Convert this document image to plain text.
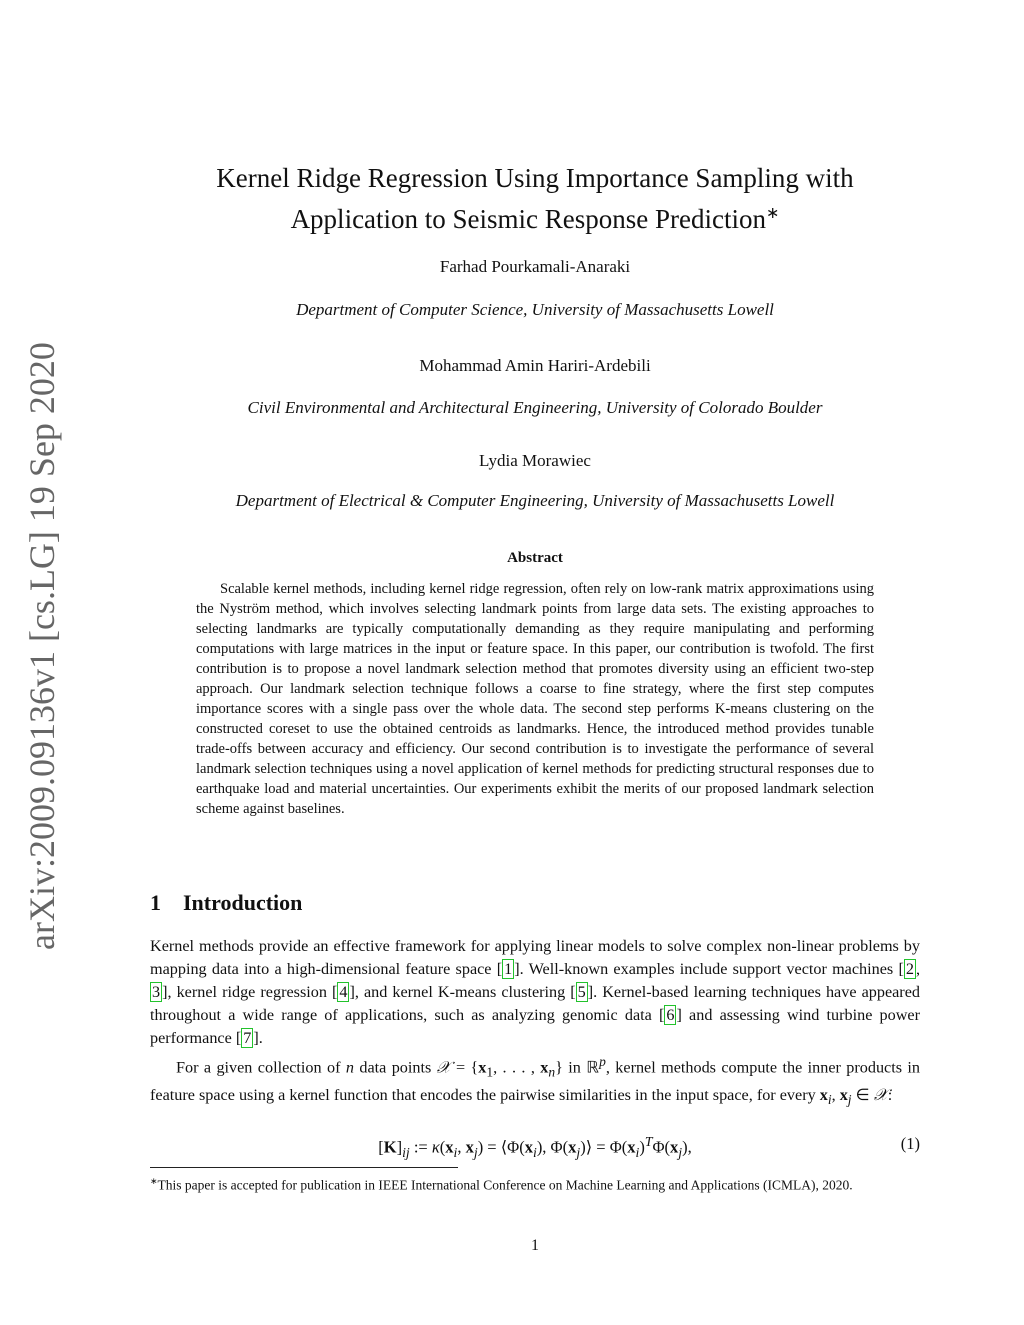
arXiv:2009.09136v1 [cs.LG] 19 Sep 2020
Kernel Ridge Regression Using Importance Sampling with
Application to Seismic Response Prediction∗
Farhad Pourkamali-Anaraki
Department of Computer Science, University of Massachusetts Lowell
Mohammad Amin Hariri-Ardebili
Civil Environmental and Architectural Engineering, University of Colorado Boulder
Lydia Morawiec
Department of Electrical & Computer Engineering, University of Massachusetts Lowell
Abstract
Scalable kernel methods, including kernel ridge regression, often rely on low-rank matrix approximations using the Nyström method, which involves selecting landmark points from large data sets. The existing approaches to selecting landmarks are typically computationally demanding as they require manipulating and performing computations with large matrices in the input or feature space. In this paper, our contribution is twofold. The first contribution is to propose a novel landmark selection method that promotes diversity using an efficient two-step approach. Our landmark selection technique follows a coarse to fine strategy, where the first step computes importance scores with a single pass over the whole data. The second step performs K-means clustering on the constructed coreset to use the obtained centroids as landmarks. Hence, the introduced method provides tunable trade-offs between accuracy and efficiency. Our second contribution is to investigate the performance of several landmark selection techniques using a novel application of kernel methods for predicting structural responses due to earthquake load and material uncertainties. Our experiments exhibit the merits of our proposed landmark selection scheme against baselines.
1 Introduction
Kernel methods provide an effective framework for applying linear models to solve complex non-linear problems by mapping data into a high-dimensional feature space [ 1 ]. Well-known examples include support vector machines [ 2 , 3 ], kernel ridge regression [ 4 ], and kernel K-means clustering [ 5 ]. Kernel-based learning techniques have appeared throughout a wide range of applications, such as analyzing genomic data [ 6 ] and assessing wind turbine power performance [ 7 ].
For a given collection of n data points 𝒳 = {$x_1$, . . . , $x_n$} in ℝ$^p$, kernel methods compute the inner products in feature space using a kernel function that encodes the pairwise similarities in the input space, for every $x_i$, $x_j$ ∈ 𝒳:
$[K]_{ij}$ := $\kappa(x_i$, $x_j$) = $⟨\Phi(x_i)$, $\Phi(x_j)⟩ = \Phi(x_i)^T\Phi(x_j)$,	(1)
∗This paper is accepted for publication in IEEE International Conference on Machine Learning and Applications (ICMLA), 2020.
1
